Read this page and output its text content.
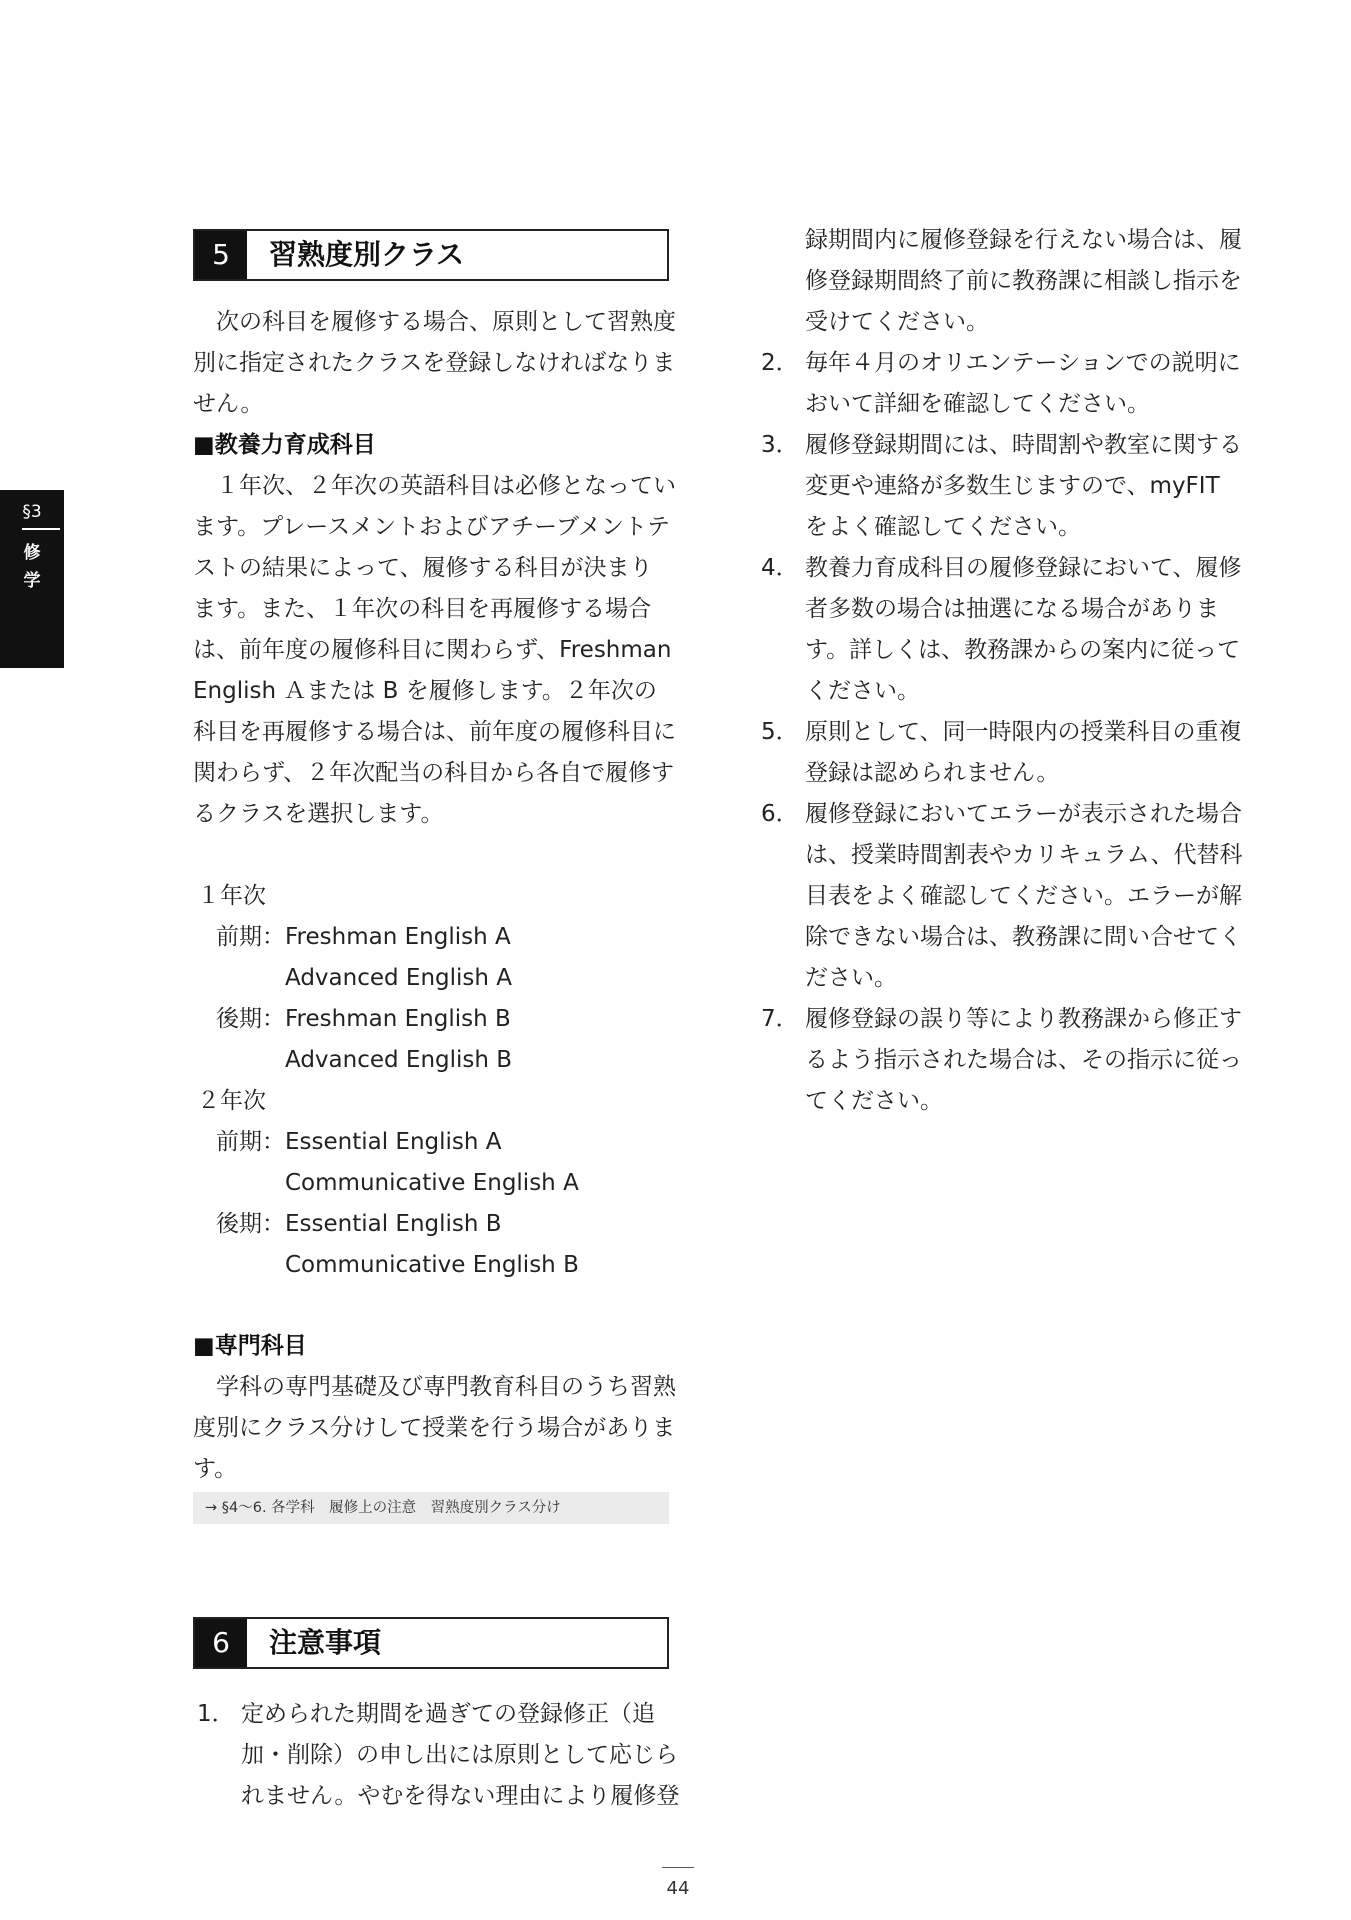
§3
修
学
5	習熟度別クラス
　次の科目を履修する場合、原則として習熟度
別に指定されたクラスを登録しなければなりま
せん。
■教養力育成科目
　１年次、２年次の英語科目は必修となってい
ます。プレースメントおよびアチーブメントテ
ストの結果によって、履修する科目が決まり
ます。また、１年次の科目を再履修する場合
は、前年度の履修科目に関わらず、Freshman
English Ａまたは B を履修します。２年次の
科目を再履修する場合は、前年度の履修科目に
関わらず、２年次配当の科目から各自で履修す
るクラスを選択します。
１年次
前期： Freshman English A
Advanced English A
後期： Freshman English B
Advanced English B
２年次
前期： Essential English A
Communicative English A
後期： Essential English B
Communicative English B
■専門科目
　学科の専門基礎及び専門教育科目のうち習熟
度別にクラス分けして授業を行う場合がありま
す。
→ §4〜6. 各学科　履修上の注意　習熟度別クラス分け
6	注意事項
1． 定められた期間を過ぎての登録修正（追
加・削除）の申し出には原則として応じら
れません。やむを得ない理由により履修登
録期間内に履修登録を行えない場合は、履
修登録期間終了前に教務課に相談し指示を
受けてください。
2． 毎年４月のオリエンテーションでの説明に
おいて詳細を確認してください。
3． 履修登録期間には、時間割や教室に関する
変更や連絡が多数生じますので、myFIT
をよく確認してください。
4． 教養力育成科目の履修登録において、履修
者多数の場合は抽選になる場合がありま
す。詳しくは、教務課からの案内に従って
ください。
5． 原則として、同一時限内の授業科目の重複
登録は認められません。
6． 履修登録においてエラーが表示された場合
は、授業時間割表やカリキュラム、代替科
目表をよく確認してください。エラーが解
除できない場合は、教務課に問い合せてく
ださい。
7． 履修登録の誤り等により教務課から修正す
るよう指示された場合は、その指示に従っ
てください。
44
